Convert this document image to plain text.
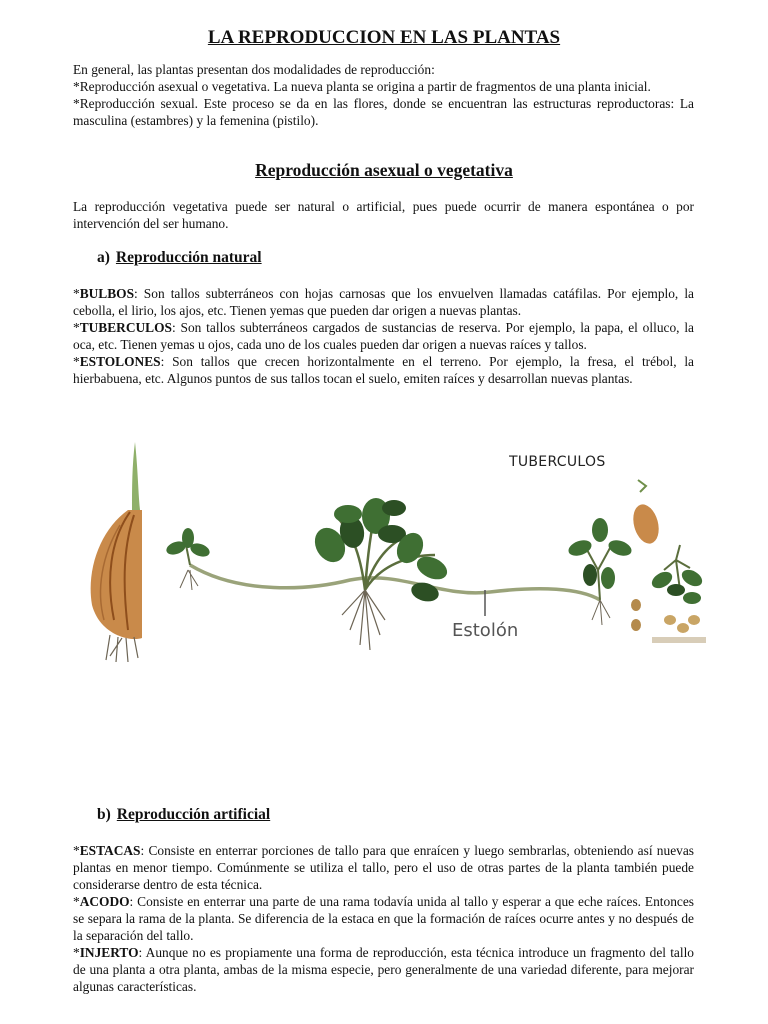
LA REPRODUCCION EN LAS PLANTAS

En general, las plantas presentan dos modalidades de reproducción:

*Reproducción asexual o vegetativa. La nueva planta se origina a partir de fragmentos de una planta inicial.

*Reproducción sexual. Este proceso se da en las flores, donde se encuentran las estructuras reproductoras: La masculina (estambres) y la femenina (pistilo).

Reproducción asexual o vegetativa

La reproducción vegetativa puede ser natural o artificial, pues puede ocurrir de manera espontánea o por intervención del ser humano.

a) Reproducción natural

*BULBOS: Son tallos subterráneos con hojas carnosas que los envuelven llamadas catáfilas. Por ejemplo, la cebolla, el lirio, los ajos, etc. Tienen yemas que pueden dar origen a nuevas plantas.

*TUBERCULOS: Son tallos subterráneos cargados de sustancias de reserva. Por ejemplo, la papa, el olluco, la oca, etc. Tienen yemas u ojos, cada uno de los cuales pueden dar origen a nuevas raíces y tallos.

*ESTOLONES: Son tallos que crecen horizontalmente en el terreno. Por ejemplo, la fresa, el trébol, la hierbabuena, etc. Algunos puntos de sus tallos tocan el suelo, emiten raíces y desarrollan nuevas plantas.

TUBERCULOS
Estolón
b) Reproducción artificial

*ESTACAS: Consiste en enterrar porciones de tallo para que enraícen y luego sembrarlas, obteniendo así nuevas plantas en menor tiempo. Comúnmente se utiliza el tallo, pero el uso de otras partes de la planta también puede considerarse dentro de esta técnica.

*ACODO: Consiste en enterrar una parte de una rama todavía unida al tallo y esperar a que eche raíces. Entonces se separa la rama de la planta. Se diferencia de la estaca en que la formación de raíces ocurre antes y no después de la separación del tallo.

*INJERTO: Aunque no es propiamente una forma de reproducción, esta técnica introduce un fragmento del tallo de una planta a otra planta, ambas de la misma especie, pero generalmente de una variedad diferente, para mejorar algunas características.
